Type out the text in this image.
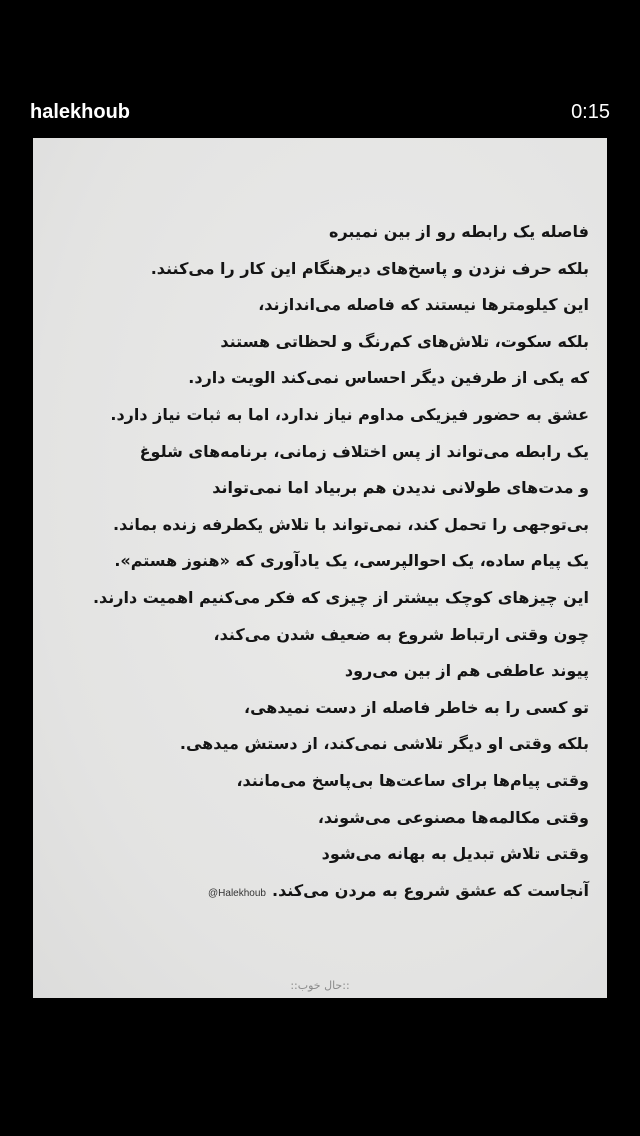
halekhoub	0:15
فاصله یک رابطه رو از بین نمیبره
بلکه حرف نزدن و پاسخ‌های دیرهنگام این کار را می‌کنند.
این کیلومترها نیستند که فاصله می‌اندازند،
بلکه سکوت، تلاش‌های کم‌رنگ و لحظاتی هستند
که یکی از طرفین دیگر احساس نمی‌کند الویت دارد.
عشق به حضور فیزیکی مداوم نیاز ندارد، اما به ثبات نیاز دارد.
یک رابطه می‌تواند از پس اختلاف زمانی، برنامه‌های شلوغ
و مدت‌های طولانی ندیدن هم بربیاد اما نمی‌تواند
بی‌توجهی را تحمل کند، نمی‌تواند با تلاش یکطرفه زنده بماند.
یک پیام ساده، یک احوالپرسی، یک یادآوری که «هنوز هستم».
این چیزهای کوچک بیشتر از چیزی که فکر می‌کنیم اهمیت دارند.
چون وقتی ارتباط شروع به ضعیف شدن می‌کند،
پیوند عاطفی هم از بین می‌رود
تو کسی را به خاطر فاصله از دست نمیدهی،
بلکه وقتی او دیگر تلاشی نمی‌کند، از دستش میدهی.
وقتی پیام‌ها برای ساعت‌ها بی‌پاسخ می‌مانند،
وقتی مکالمه‌ها مصنوعی می‌شوند،
وقتی تلاش تبدیل به بهانه می‌شود
آنجاست که عشق شروع به مردن می‌کند.@Halekhoub
::حال خوب::
